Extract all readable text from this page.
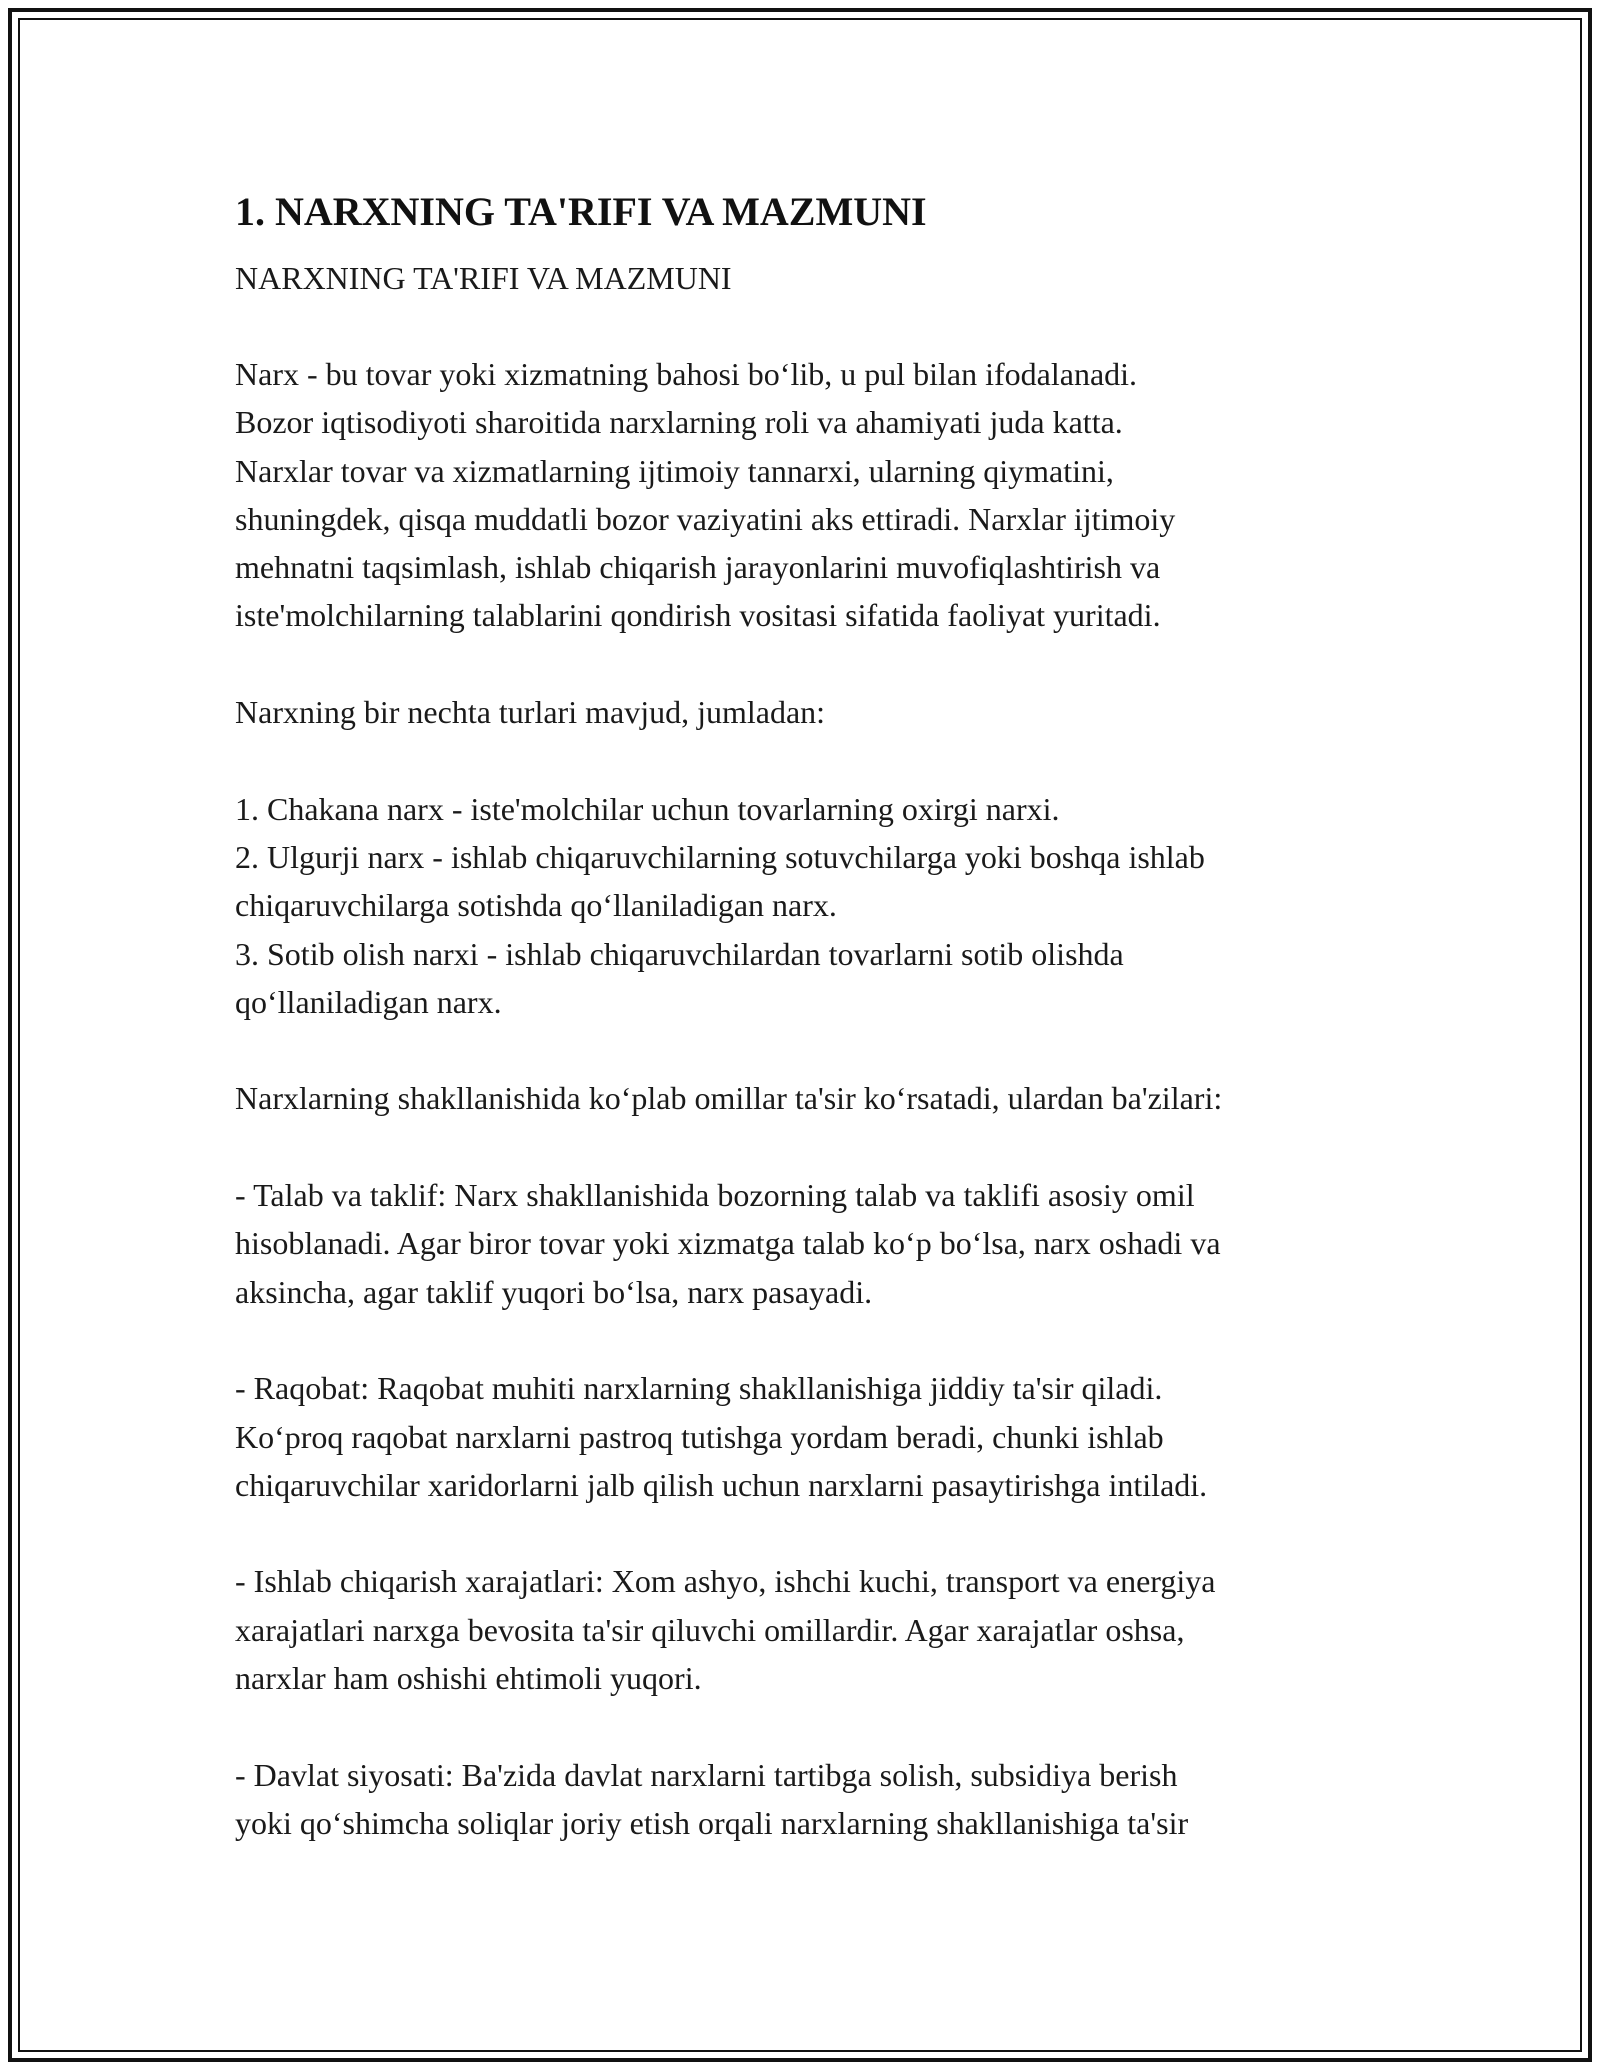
1. NARXNING TA'RIFI VA MAZMUNI
NARXNING TA'RIFI VA MAZMUNI
Narx - bu tovar yoki xizmatning bahosi bo‘lib, u pul bilan ifodalanadi.
Bozor iqtisodiyoti sharoitida narxlarning roli va ahamiyati juda katta.
Narxlar tovar va xizmatlarning ijtimoiy tannarxi, ularning qiymatini,
shuningdek, qisqa muddatli bozor vaziyatini aks ettiradi. Narxlar ijtimoiy
mehnatni taqsimlash, ishlab chiqarish jarayonlarini muvofiqlashtirish va
iste'molchilarning talablarini qondirish vositasi sifatida faoliyat yuritadi.
Narxning bir nechta turlari mavjud, jumladan:
1. Chakana narx - iste'molchilar uchun tovarlarning oxirgi narxi.
2. Ulgurji narx - ishlab chiqaruvchilarning sotuvchilarga yoki boshqa ishlab
chiqaruvchilarga sotishda qo‘llaniladigan narx.
3. Sotib olish narxi - ishlab chiqaruvchilardan tovarlarni sotib olishda
qo‘llaniladigan narx.
Narxlarning shakllanishida ko‘plab omillar ta'sir ko‘rsatadi, ulardan ba'zilari:
- Talab va taklif: Narx shakllanishida bozorning talab va taklifi asosiy omil
hisoblanadi. Agar biror tovar yoki xizmatga talab ko‘p bo‘lsa, narx oshadi va
aksincha, agar taklif yuqori bo‘lsa, narx pasayadi.
- Raqobat: Raqobat muhiti narxlarning shakllanishiga jiddiy ta'sir qiladi.
Ko‘proq raqobat narxlarni pastroq tutishga yordam beradi, chunki ishlab
chiqaruvchilar xaridorlarni jalb qilish uchun narxlarni pasaytirishga intiladi.
- Ishlab chiqarish xarajatlari: Xom ashyo, ishchi kuchi, transport va energiya
xarajatlari narxga bevosita ta'sir qiluvchi omillardir. Agar xarajatlar oshsa,
narxlar ham oshishi ehtimoli yuqori.
- Davlat siyosati: Ba'zida davlat narxlarni tartibga solish, subsidiya berish
yoki qo‘shimcha soliqlar joriy etish orqali narxlarning shakllanishiga ta'sir
